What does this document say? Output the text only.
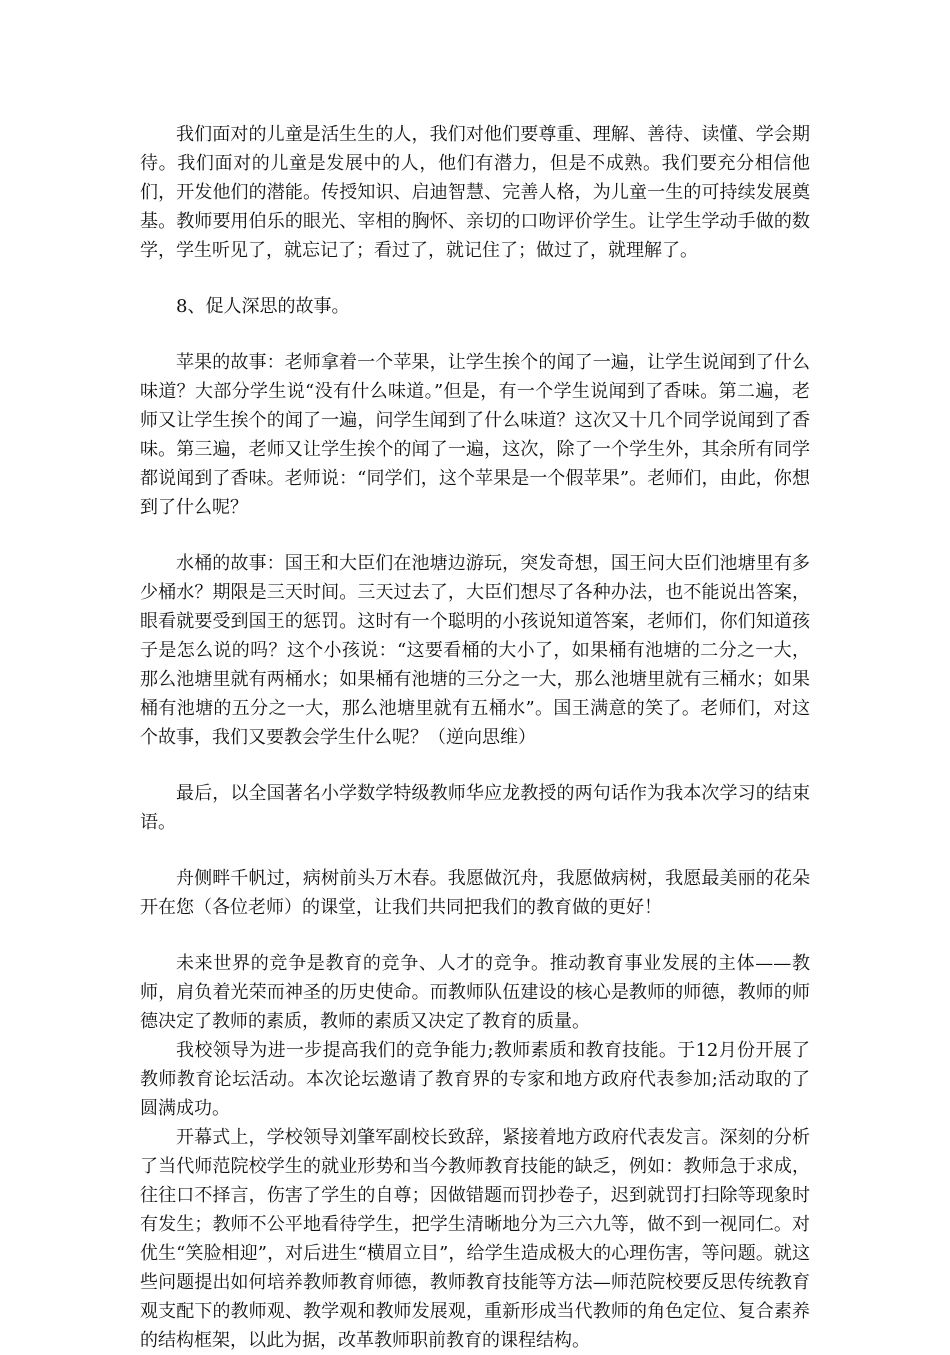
我们面对的儿童是活生生的人，我们对他们要尊重、理解、善待、读懂、学会期待。我们面对的儿童是发展中的人，他们有潜力，但是不成熟。我们要充分相信他们，开发他们的潜能。传授知识、启迪智慧、完善人格，为儿童一生的可持续发展奠基。教师要用伯乐的眼光、宰相的胸怀、亲切的口吻评价学生。让学生学动手做的数学，学生听见了，就忘记了；看过了，就记住了；做过了，就理解了。

8、促人深思的故事。

苹果的故事：老师拿着一个苹果，让学生挨个的闻了一遍，让学生说闻到了什么味道？大部分学生说“没有什么味道。”但是，有一个学生说闻到了香味。第二遍，老师又让学生挨个的闻了一遍，问学生闻到了什么味道？这次又十几个同学说闻到了香味。第三遍，老师又让学生挨个的闻了一遍，这次，除了一个学生外，其余所有同学都说闻到了香味。老师说：“同学们，这个苹果是一个假苹果”。老师们，由此，你想到了什么呢？

水桶的故事：国王和大臣们在池塘边游玩，突发奇想，国王问大臣们池塘里有多少桶水？期限是三天时间。三天过去了，大臣们想尽了各种办法，也不能说出答案，眼看就要受到国王的惩罚。这时有一个聪明的小孩说知道答案，老师们，你们知道孩子是怎么说的吗？这个小孩说：“这要看桶的大小了，如果桶有池塘的二分之一大，那么池塘里就有两桶水；如果桶有池塘的三分之一大，那么池塘里就有三桶水；如果桶有池塘的五分之一大，那么池塘里就有五桶水”。国王满意的笑了。老师们，对这个故事，我们又要教会学生什么呢？（逆向思维）

最后，以全国著名小学数学特级教师华应龙教授的两句话作为我本次学习的结束语。

舟侧畔千帆过，病树前头万木春。我愿做沉舟，我愿做病树，我愿最美丽的花朵开在您（各位老师）的课堂，让我们共同把我们的教育做的更好！

未来世界的竞争是教育的竞争、人才的竞争。推动教育事业发展的主体——教师，肩负着光荣而神圣的历史使命。而教师队伍建设的核心是教师的师德，教师的师德决定了教师的素质，教师的素质又决定了教育的质量。

我校领导为进一步提高我们的竞争能力;教师素质和教育技能。于12月份开展了教师教育论坛活动。本次论坛邀请了教育界的专家和地方政府代表参加;活动取的了圆满成功。

开幕式上，学校领导刘肇军副校长致辞，紧接着地方政府代表发言。深刻的分析了当代师范院校学生的就业形势和当今教师教育技能的缺乏，例如：教师急于求成，往往口不择言，伤害了学生的自尊；因做错题而罚抄卷子，迟到就罚打扫除等现象时有发生；教师不公平地看待学生，把学生清晰地分为三六九等，做不到一视同仁。对优生“笑脸相迎”，对后进生“横眉立目”，给学生造成极大的心理伤害，等问题。就这些问题提出如何培养教师教育师德，教师教育技能等方法—师范院校要反思传统教育观支配下的教师观、教学观和教师发展观，重新形成当代教师的角色定位、复合素养的结构框架，以此为据，改革教师职前教育的课程结构。
